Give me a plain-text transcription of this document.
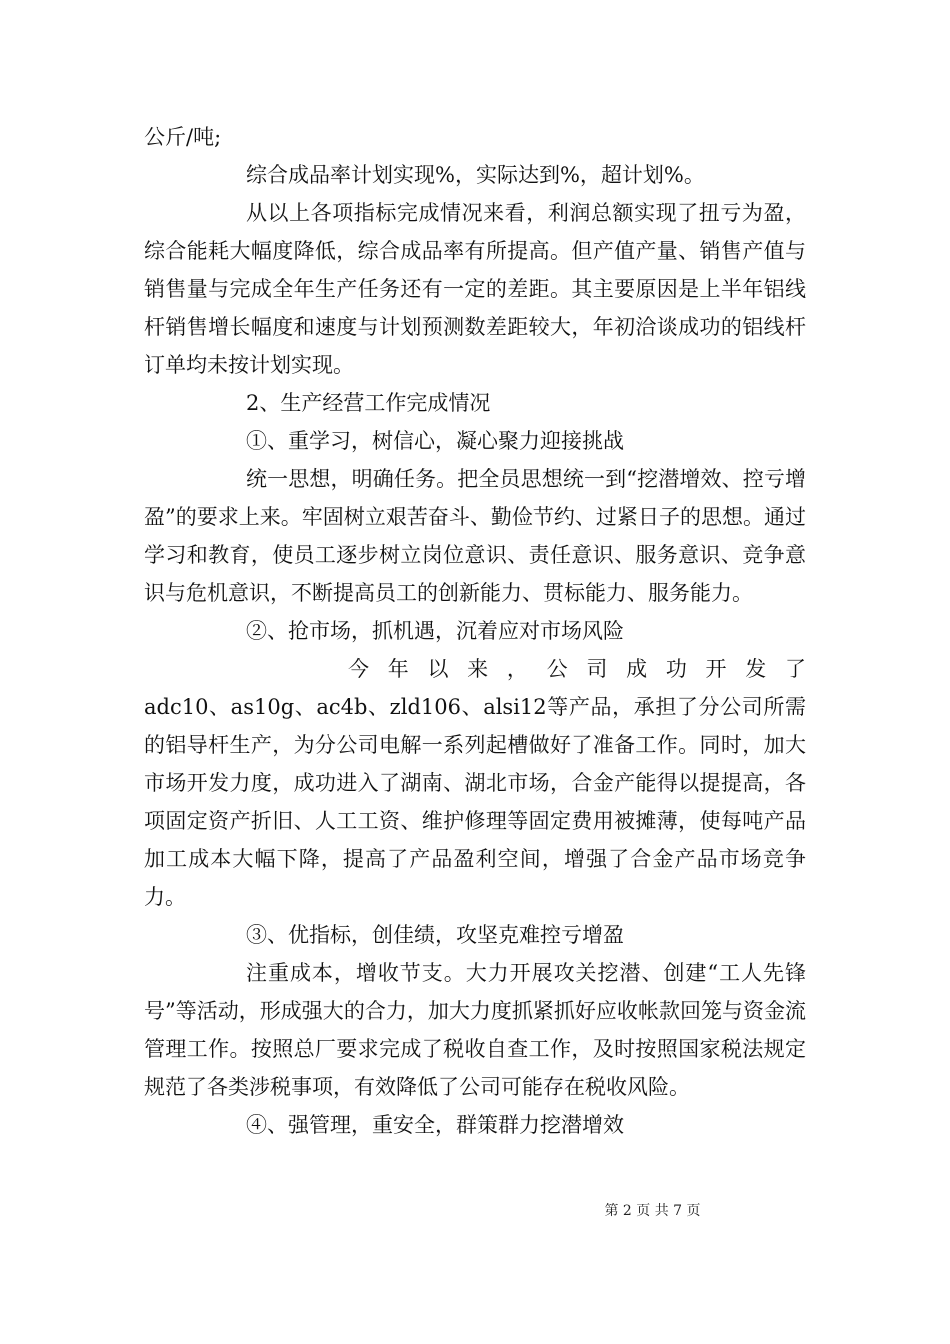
公斤/吨;

综合成品率计划实现%，实际达到%，超计划%。

从以上各项指标完成情况来看，利润总额实现了扭亏为盈，综合能耗大幅度降低，综合成品率有所提高。但产值产量、销售产值与销售量与完成全年生产任务还有一定的差距。其主要原因是上半年铝线杆销售增长幅度和速度与计划预测数差距较大，年初洽谈成功的铝线杆订单均未按计划实现。

2、生产经营工作完成情况

①、重学习，树信心，凝心聚力迎接挑战

统一思想，明确任务。把全员思想统一到“挖潜增效、控亏增盈”的要求上来。牢固树立艰苦奋斗、勤俭节约、过紧日子的思想。通过学习和教育，使员工逐步树立岗位意识、责任意识、服务意识、竞争意识与危机意识，不断提高员工的创新能力、贯标能力、服务能力。

②、抢市场，抓机遇，沉着应对市场风险

今年以来，公司成功开发了

adc10、as10g、ac4b、zld106、alsi12等产品，承担了分公司所需的铝导杆生产，为分公司电解一系列起槽做好了准备工作。同时，加大市场开发力度，成功进入了湖南、湖北市场，合金产能得以提提高，各项固定资产折旧、人工工资、维护修理等固定费用被摊薄，使每吨产品加工成本大幅下降，提高了产品盈利空间，增强了合金产品市场竞争力。

③、优指标，创佳绩，攻坚克难控亏增盈

注重成本，增收节支。大力开展攻关挖潜、创建“工人先锋号”等活动，形成强大的合力，加大力度抓紧抓好应收帐款回笼与资金流管理工作。按照总厂要求完成了税收自查工作，及时按照国家税法规定规范了各类涉税事项，有效降低了公司可能存在税收风险。

④、强管理，重安全，群策群力挖潜增效

第 2 页 共 7 页
